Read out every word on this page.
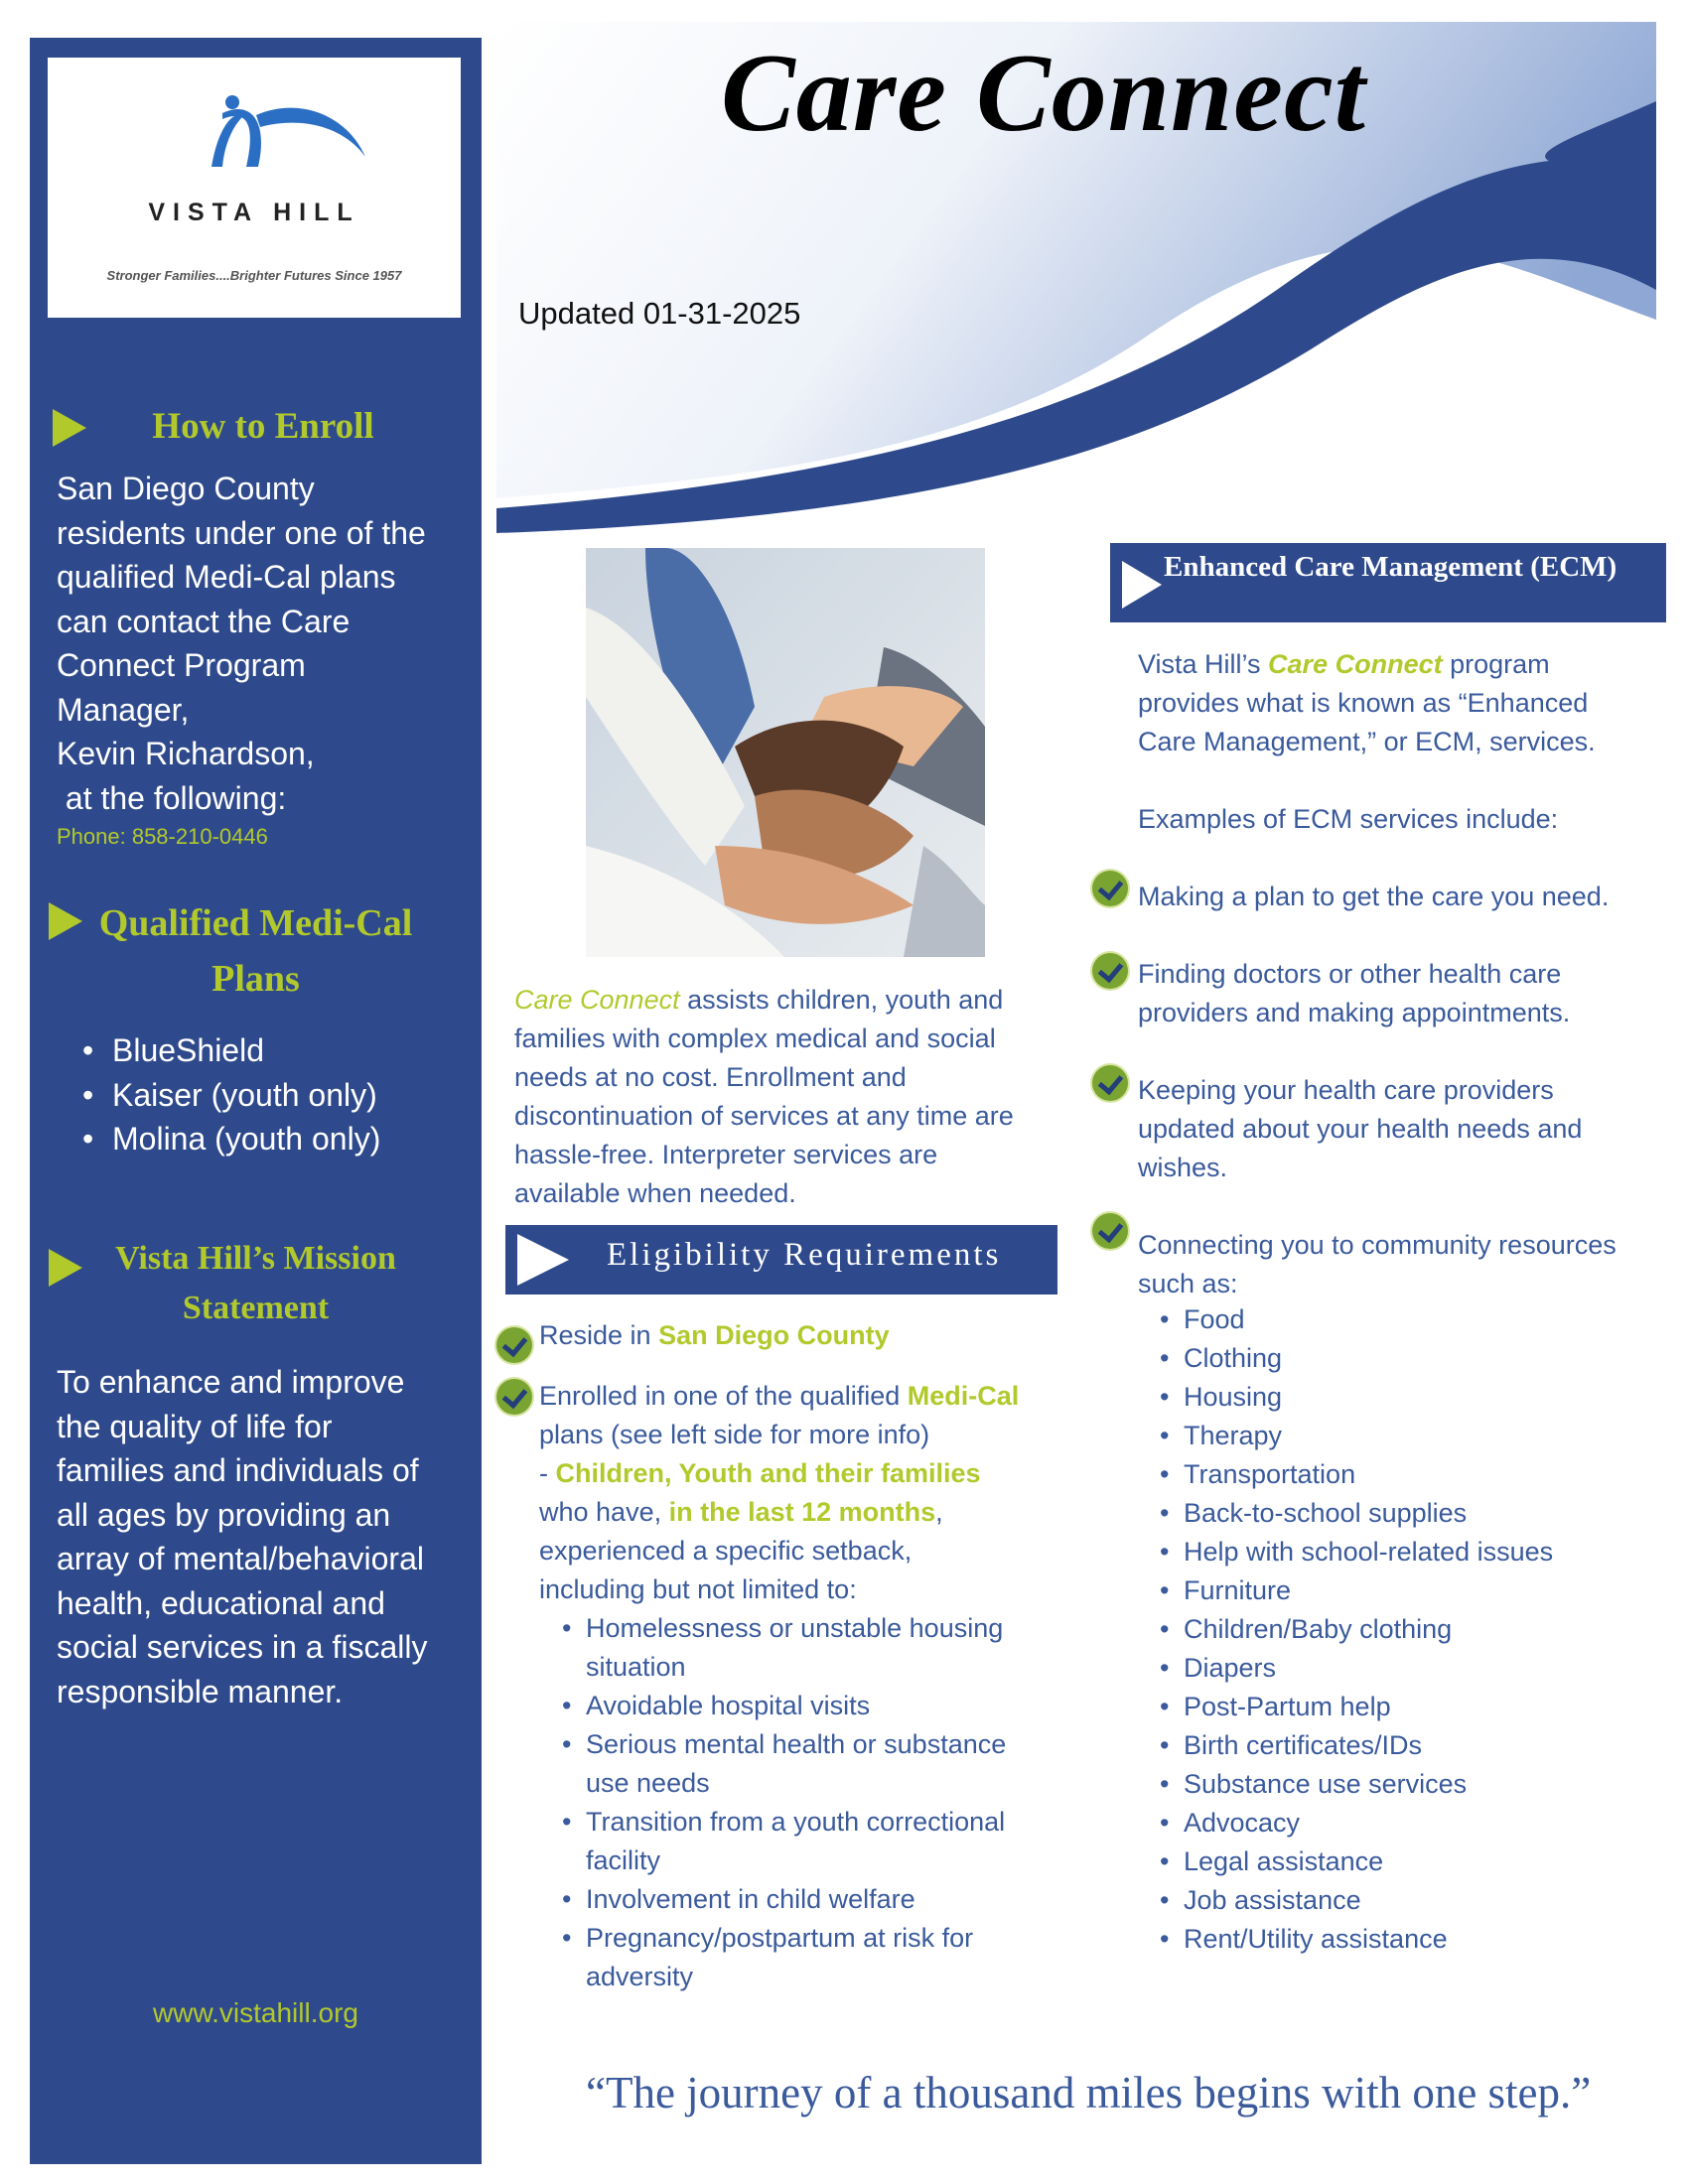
VISTA HILL
Stronger Families....Brighter Futures Since 1957
How to Enroll
San Diego County
residents under one of the
qualified Medi-Cal plans
can contact the Care
Connect Program
Manager,
Kevin Richardson,
at the following:
Phone: 858-210-0446
Qualified Medi-Cal
Plans
• BlueShield
• Kaiser (youth only)
• Molina (youth only)
Vista Hill’s Mission
Statement
To enhance and improve
the quality of life for
families and individuals of
all ages by providing an
array of mental/behavioral
health, educational and
social services in a fiscally
responsible manner.
www.vistahill.org
Care Connect
Updated 01-31-2025
Care Connect assists children, youth and
families with complex medical and social
needs at no cost. Enrollment and
discontinuation of services at any time are
hassle-free. Interpreter services are
available when needed.
Eligibility Requirements
Reside in San Diego County
Enrolled in one of the qualified Medi-Cal
plans (see left side for more info)
- Children, Youth and their families
who have, in the last 12 months,
experienced a specific setback,
including but not limited to:
• Homelessness or unstable housing
situation
• Avoidable hospital visits
• Serious mental health or substance
use needs
• Transition from a youth correctional
facility
• Involvement in child welfare
• Pregnancy/postpartum at risk for
adversity
Enhanced Care Management (ECM)
Vista Hill’s Care Connect program
provides what is known as “Enhanced
Care Management,” or ECM, services.
Examples of ECM services include:
Making a plan to get the care you need.
Finding doctors or other health care
providers and making appointments.
Keeping your health care providers
updated about your health needs and
wishes.
Connecting you to community resources
such as:
• Food
• Clothing
• Housing
• Therapy
• Transportation
• Back-to-school supplies
• Help with school-related issues
• Furniture
• Children/Baby clothing
• Diapers
• Post-Partum help
• Birth certificates/IDs
• Substance use services
• Advocacy
• Legal assistance
• Job assistance
• Rent/Utility assistance
“The journey of a thousand miles begins with one step.”
